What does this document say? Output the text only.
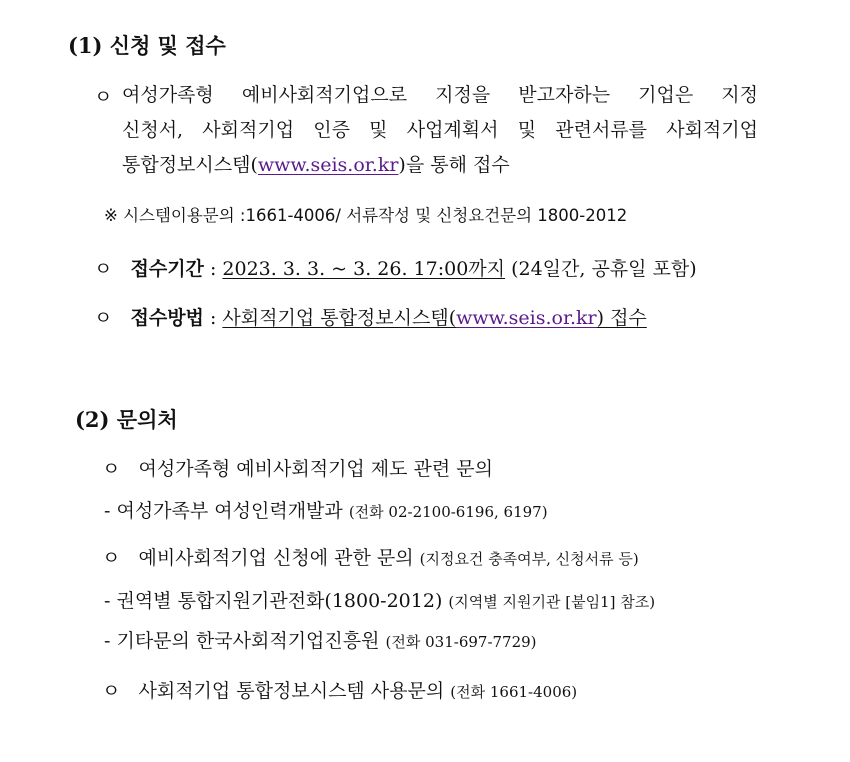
(1) 신청 및 접수
ㅇ 여성가족형 예비사회적기업으로 지정을 받고자하는 기업은 지정
신청서, 사회적기업 인증 및 사업계획서 및 관련서류를 사회적기업
통합정보시스템(www.seis.or.kr)을 통해 접수
※ 시스템이용문의 :1661-4006/ 서류작성 및 신청요건문의 1800-2012
ㅇ 접수기간 : 2023. 3. 3. ~ 3. 26. 17:00까지 (24일간, 공휴일 포함)
ㅇ 접수방법 : 사회적기업 통합정보시스템(www.seis.or.kr) 접수
(2) 문의처
ㅇ 여성가족형 예비사회적기업 제도 관련 문의
- 여성가족부 여성인력개발과 (전화 02-2100-6196, 6197)
ㅇ 예비사회적기업 신청에 관한 문의 (지정요건 충족여부, 신청서류 등)
- 권역별 통합지원기관전화(1800-2012) (지역별 지원기관 [붙임1] 참조)
- 기타문의 한국사회적기업진흥원 (전화 031-697-7729)
ㅇ 사회적기업 통합정보시스템 사용문의 (전화 1661-4006)
